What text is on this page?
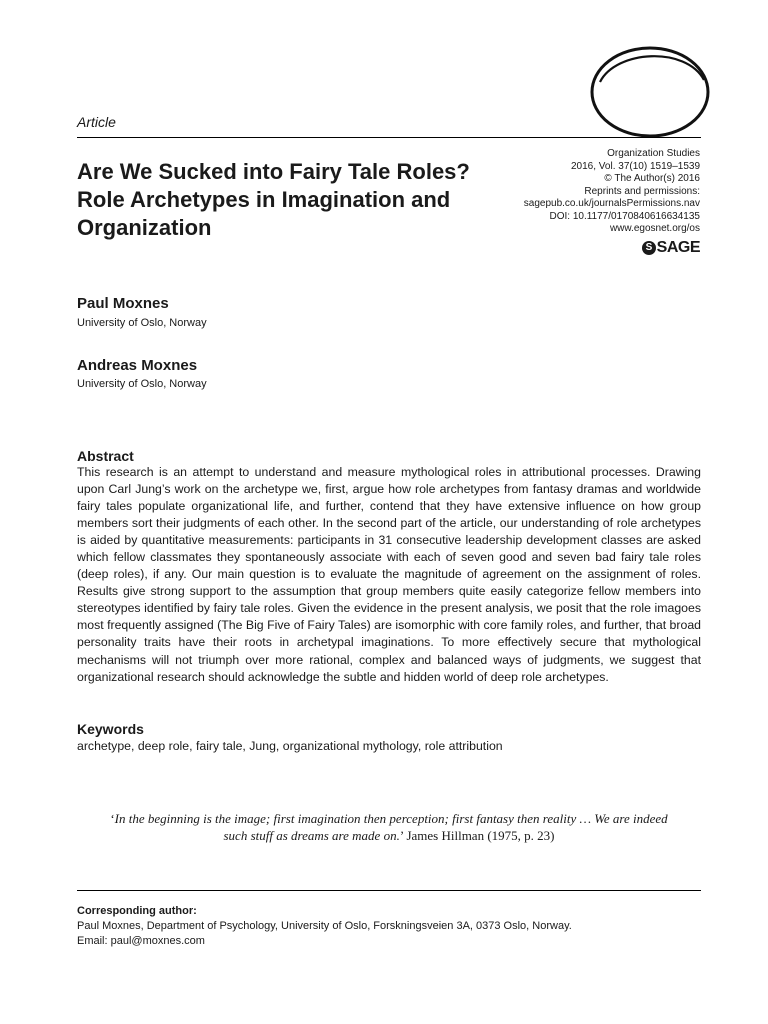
Article
Are We Sucked into Fairy Tale Roles? Role Archetypes in Imagination and Organization
Organization Studies
2016, Vol. 37(10) 1519–1539
© The Author(s) 2016
Reprints and permissions:
sagepub.co.uk/journalsPermissions.nav
DOI: 10.1177/0170840616634135
www.egosnet.org/os
S SAGE
Paul Moxnes
University of Oslo, Norway
Andreas Moxnes
University of Oslo, Norway
Abstract

This research is an attempt to understand and measure mythological roles in attributional processes. Drawing upon Carl Jung’s work on the archetype we, first, argue how role archetypes from fantasy dramas and worldwide fairy tales populate organizational life, and further, contend that they have extensive influence on how group members sort their judgments of each other. In the second part of the article, our understanding of role archetypes is aided by quantitative measurements: participants in 31 consecutive leadership development classes are asked which fellow classmates they spontaneously associate with each of seven good and seven bad fairy tale roles (deep roles), if any. Our main question is to evaluate the magnitude of agreement on the assignment of roles. Results give strong support to the assumption that group members quite easily categorize fellow members into stereotypes identified by fairy tale roles. Given the evidence in the present analysis, we posit that the role imagoes most frequently assigned (The Big Five of Fairy Tales) are isomorphic with core family roles, and further, that broad personality traits have their roots in archetypal imaginations. To more effectively secure that mythological mechanisms will not triumph over more rational, complex and balanced ways of judgments, we suggest that organizational research should acknowledge the subtle and hidden world of deep role archetypes.

Keywords
archetype, deep role, fairy tale, Jung, organizational mythology, role attribution

‘In the beginning is the image; first imagination then perception; first fantasy then reality … We are indeed such stuff as dreams are made on.’ James Hillman (1975, p. 23)

Corresponding author:
Paul Moxnes, Department of Psychology, University of Oslo, Forskningsveien 3A, 0373 Oslo, Norway.
Email: paul@moxnes.com
